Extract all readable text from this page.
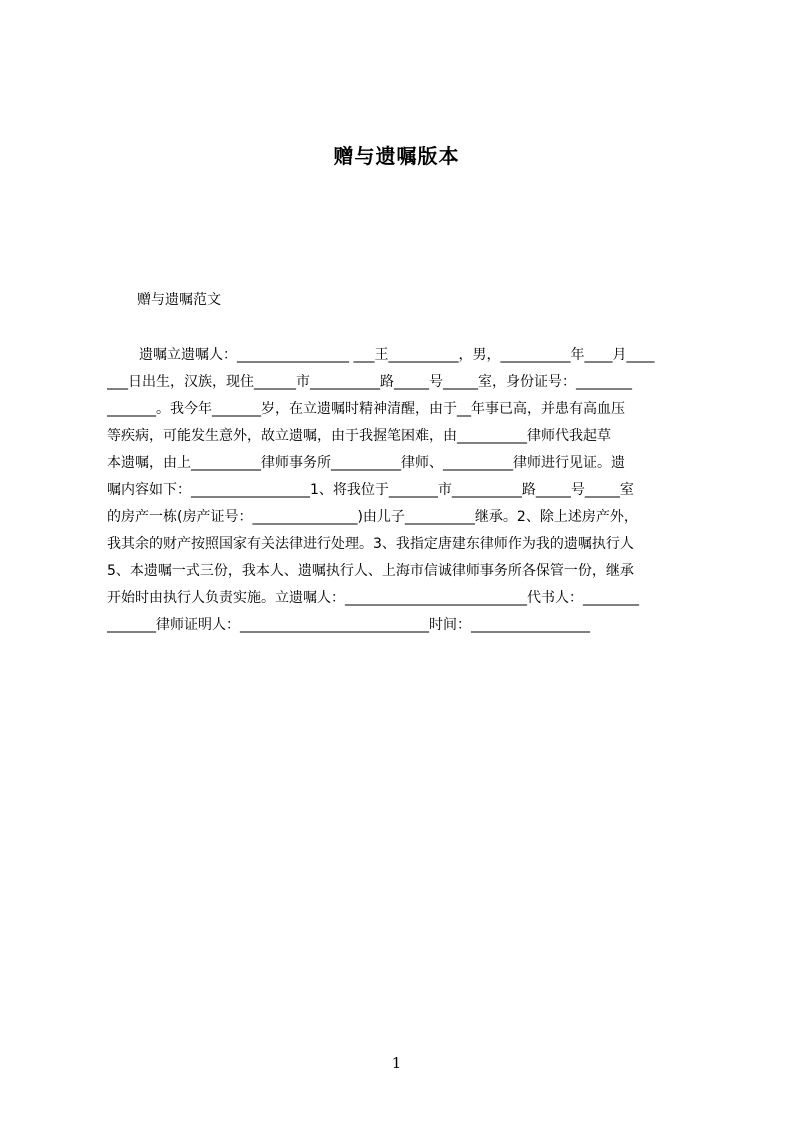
赠与遗嘱版本
赠与遗嘱范文
遗嘱立遗嘱人：________________ ___王__________，男，__________年____月____
___日出生，汉族，现住______市__________路_____号_____室，身份证号：________
_______。我今年_______岁，在立遗嘱时精神清醒，由于__年事已高，并患有高血压
等疾病，可能发生意外，故立遗嘱，由于我握笔困难，由__________律师代我起草
本遗嘱，由上__________律师事务所__________律师、__________律师进行见证。遗
嘱内容如下：_________________1、将我位于_______市__________路_____号_____室
的房产一栋(房产证号：_______________)由儿子__________继承。2、除上述房产外，
我其余的财产按照国家有关法律进行处理。3、我指定唐建东律师作为我的遗嘱执行人
5、本遗嘱一式三份，我本人、遗嘱执行人、上海市信诚律师事务所各保管一份，继承
开始时由执行人负责实施。立遗嘱人：__________________________代书人：________
_______律师证明人：___________________________时间：_________________
1
